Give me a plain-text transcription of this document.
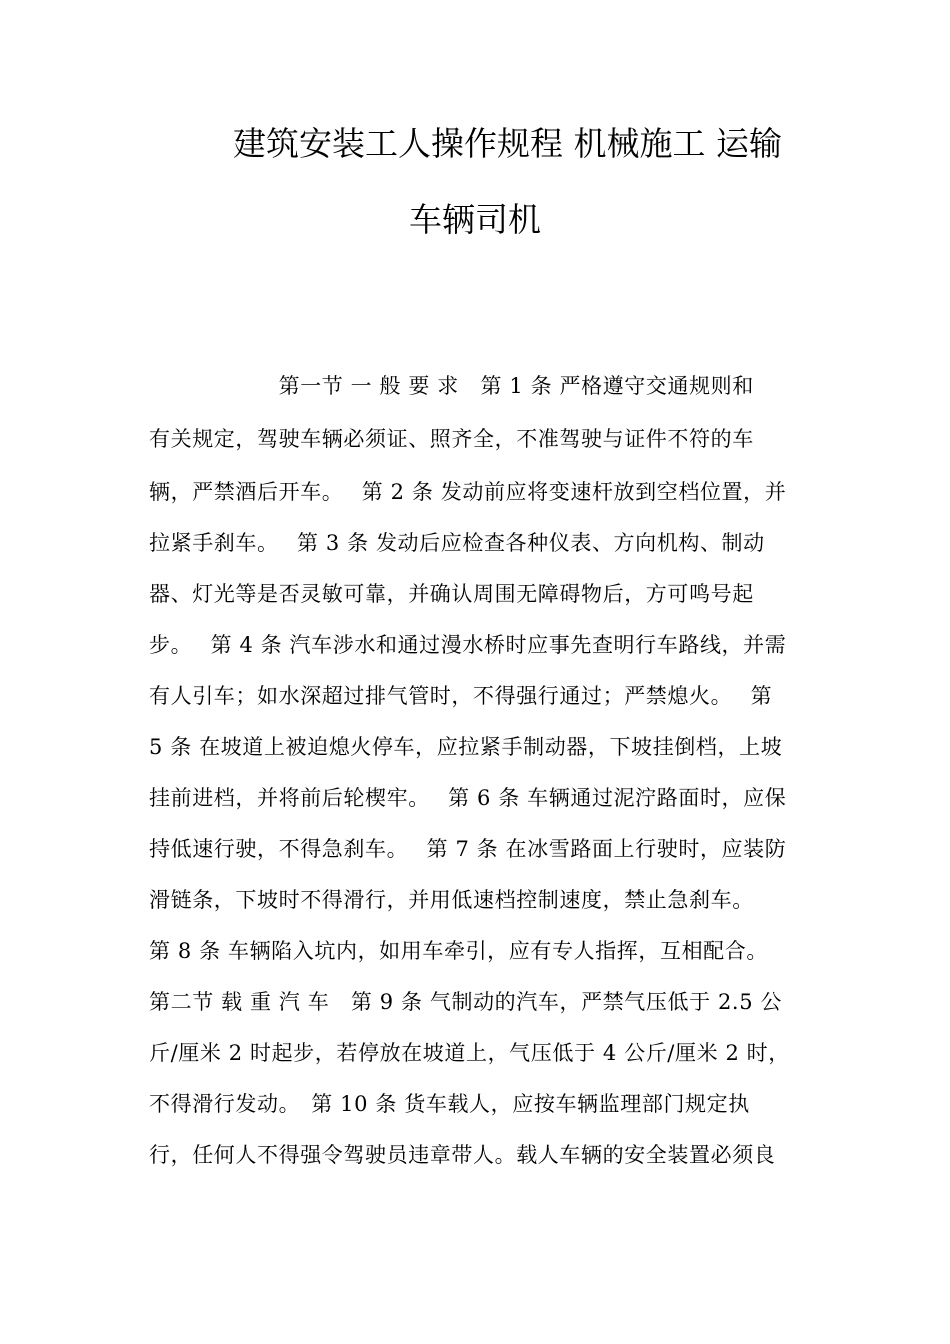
建筑安装工人操作规程 机械施工 运输
车辆司机

　　　　　　第一节 一 般 要 求　第 1 条 严格遵守交通规则和

有关规定，驾驶车辆必须证、照齐全，不准驾驶与证件不符的车

辆，严禁酒后开车。　 第 2 条 发动前应将变速杆放到空档位置，并

拉紧手刹车。　 第 3 条 发动后应检查各种仪表、方向机构、制动

器、灯光等是否灵敏可靠，并确认周围无障碍物后，方可鸣号起

步。　 第 4 条 汽车涉水和通过漫水桥时应事先查明行车路线，并需

有人引车；如水深超过排气管时，不得强行通过；严禁熄火。　 第

5 条 在坡道上被迫熄火停车，应拉紧手制动器，下坡挂倒档，上坡

挂前进档，并将前后轮楔牢。　 第 6 条 车辆通过泥泞路面时，应保

持低速行驶，不得急刹车。　 第 7 条 在冰雪路面上行驶时，应装防

滑链条，下坡时不得滑行，并用低速档控制速度，禁止急刹车。

第 8 条 车辆陷入坑内，如用车牵引，应有专人指挥，互相配合。

第二节 载 重 汽 车　第 9 条 气制动的汽车，严禁气压低于 2.5 公

斤/厘米 2 时起步，若停放在坡道上，气压低于 4 公斤/厘米 2 时，

不得滑行发动。　第 10 条 货车载人，应按车辆监理部门规定执

行，任何人不得强令驾驶员违章带人。载人车辆的安全装置必须良
